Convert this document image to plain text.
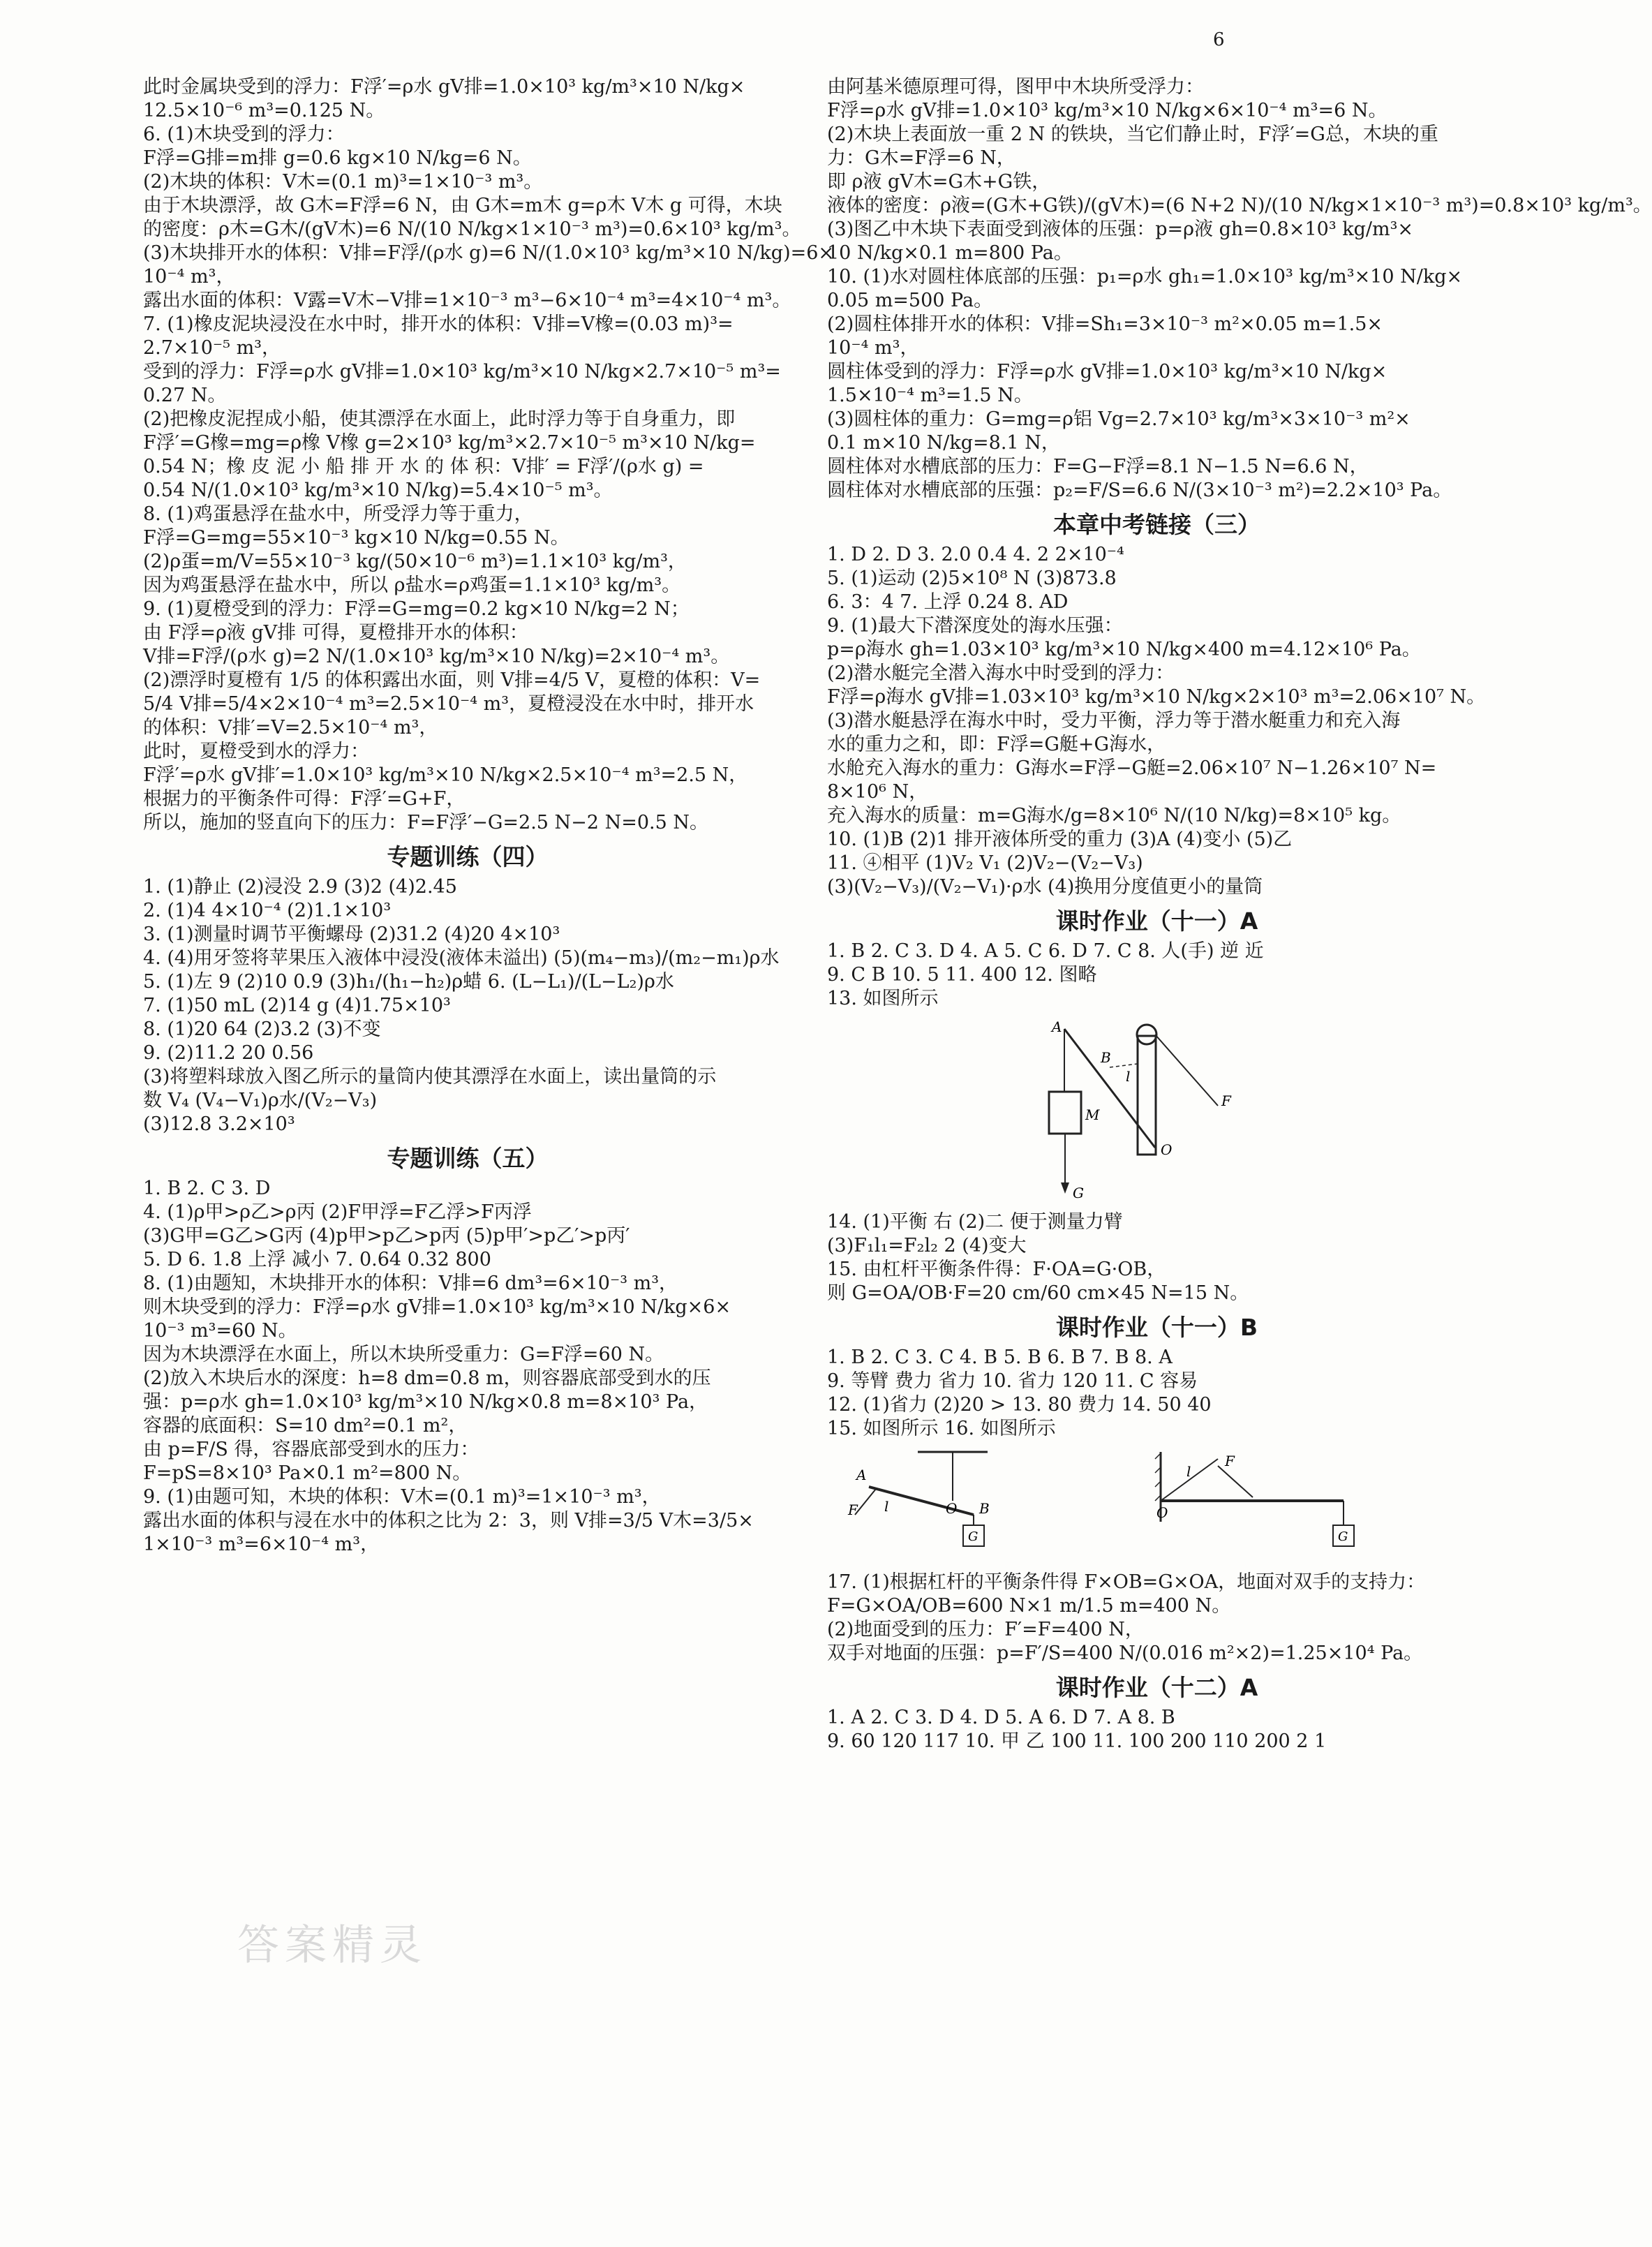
6
此时金属块受到的浮力：F浮′=ρ水 gV排=1.0×10³ kg/m³×10 N/kg×
12.5×10⁻⁶ m³=0.125 N。
6. (1)木块受到的浮力：
F浮=G排=m排 g=0.6 kg×10 N/kg=6 N。
(2)木块的体积：V木=(0.1 m)³=1×10⁻³ m³。
由于木块漂浮，故 G木=F浮=6 N，由 G木=m木 g=ρ木 V木 g 可得，木块
的密度：ρ木=G木/(gV木)=6 N/(10 N/kg×1×10⁻³ m³)=0.6×10³ kg/m³。
(3)木块排开水的体积：V排=F浮/(ρ水 g)=6 N/(1.0×10³ kg/m³×10 N/kg)=6×
10⁻⁴ m³，
露出水面的体积：V露=V木−V排=1×10⁻³ m³−6×10⁻⁴ m³=4×10⁻⁴ m³。
7. (1)橡皮泥块浸没在水中时，排开水的体积：V排=V橡=(0.03 m)³=
2.7×10⁻⁵ m³，
受到的浮力：F浮=ρ水 gV排=1.0×10³ kg/m³×10 N/kg×2.7×10⁻⁵ m³=
0.27 N。
(2)把橡皮泥捏成小船，使其漂浮在水面上，此时浮力等于自身重力，即
F浮′=G橡=mg=ρ橡 V橡 g=2×10³ kg/m³×2.7×10⁻⁵ m³×10 N/kg=
0.54 N；橡 皮 泥 小 船 排 开 水 的 体 积：V排′ = F浮′/(ρ水 g) =
0.54 N/(1.0×10³ kg/m³×10 N/kg)=5.4×10⁻⁵ m³。
8. (1)鸡蛋悬浮在盐水中，所受浮力等于重力，
F浮=G=mg=55×10⁻³ kg×10 N/kg=0.55 N。
(2)ρ蛋=m/V=55×10⁻³ kg/(50×10⁻⁶ m³)=1.1×10³ kg/m³，
因为鸡蛋悬浮在盐水中，所以 ρ盐水=ρ鸡蛋=1.1×10³ kg/m³。
9. (1)夏橙受到的浮力：F浮=G=mg=0.2 kg×10 N/kg=2 N；
由 F浮=ρ液 gV排 可得，夏橙排开水的体积：
V排=F浮/(ρ水 g)=2 N/(1.0×10³ kg/m³×10 N/kg)=2×10⁻⁴ m³。
(2)漂浮时夏橙有 1/5 的体积露出水面，则 V排=4/5 V，夏橙的体积：V=
5/4 V排=5/4×2×10⁻⁴ m³=2.5×10⁻⁴ m³，夏橙浸没在水中时，排开水
的体积：V排′=V=2.5×10⁻⁴ m³，
此时，夏橙受到水的浮力：
F浮′=ρ水 gV排′=1.0×10³ kg/m³×10 N/kg×2.5×10⁻⁴ m³=2.5 N，
根据力的平衡条件可得：F浮′=G+F，
所以，施加的竖直向下的压力：F=F浮′−G=2.5 N−2 N=0.5 N。
专题训练（四）
1. (1)静止 (2)浸没 2.9 (3)2 (4)2.45
2. (1)4 4×10⁻⁴ (2)1.1×10³
3. (1)测量时调节平衡螺母 (2)31.2 (4)20 4×10³
4. (4)用牙签将苹果压入液体中浸没(液体未溢出) (5)(m₄−m₃)/(m₂−m₁)ρ水
5. (1)左 9 (2)10 0.9 (3)h₁/(h₁−h₂)ρ蜡 6. (L−L₁)/(L−L₂)ρ水
7. (1)50 mL (2)14 g (4)1.75×10³
8. (1)20 64 (2)3.2 (3)不变
9. (2)11.2 20 0.56
(3)将塑料球放入图乙所示的量筒内使其漂浮在水面上，读出量筒的示
数 V₄ (V₄−V₁)ρ水/(V₂−V₃)
(3)12.8 3.2×10³
专题训练（五）
1. B 2. C 3. D
4. (1)ρ甲>ρ乙>ρ丙 (2)F甲浮=F乙浮>F丙浮
(3)G甲=G乙>G丙 (4)p甲>p乙>p丙 (5)p甲′>p乙′>p丙′
5. D 6. 1.8 上浮 减小 7. 0.64 0.32 800
8. (1)由题知，木块排开水的体积：V排=6 dm³=6×10⁻³ m³，
则木块受到的浮力：F浮=ρ水 gV排=1.0×10³ kg/m³×10 N/kg×6×
10⁻³ m³=60 N。
因为木块漂浮在水面上，所以木块所受重力：G=F浮=60 N。
(2)放入木块后水的深度：h=8 dm=0.8 m，则容器底部受到水的压
强：p=ρ水 gh=1.0×10³ kg/m³×10 N/kg×0.8 m=8×10³ Pa，
容器的底面积：S=10 dm²=0.1 m²，
由 p=F/S 得，容器底部受到水的压力：
F=pS=8×10³ Pa×0.1 m²=800 N。
9. (1)由题可知，木块的体积：V木=(0.1 m)³=1×10⁻³ m³，
露出水面的体积与浸在水中的体积之比为 2：3，则 V排=3/5 V木=3/5×
1×10⁻³ m³=6×10⁻⁴ m³，
由阿基米德原理可得，图甲中木块所受浮力：
F浮=ρ水 gV排=1.0×10³ kg/m³×10 N/kg×6×10⁻⁴ m³=6 N。
(2)木块上表面放一重 2 N 的铁块，当它们静止时，F浮′=G总，木块的重
力：G木=F浮=6 N，
即 ρ液 gV木=G木+G铁，
液体的密度：ρ液=(G木+G铁)/(gV木)=(6 N+2 N)/(10 N/kg×1×10⁻³ m³)=0.8×10³ kg/m³。
(3)图乙中木块下表面受到液体的压强：p=ρ液 gh=0.8×10³ kg/m³×
10 N/kg×0.1 m=800 Pa。
10. (1)水对圆柱体底部的压强：p₁=ρ水 gh₁=1.0×10³ kg/m³×10 N/kg×
0.05 m=500 Pa。
(2)圆柱体排开水的体积：V排=Sh₁=3×10⁻³ m²×0.05 m=1.5×
10⁻⁴ m³，
圆柱体受到的浮力：F浮=ρ水 gV排=1.0×10³ kg/m³×10 N/kg×
1.5×10⁻⁴ m³=1.5 N。
(3)圆柱体的重力：G=mg=ρ铝 Vg=2.7×10³ kg/m³×3×10⁻³ m²×
0.1 m×10 N/kg=8.1 N，
圆柱体对水槽底部的压力：F=G−F浮=8.1 N−1.5 N=6.6 N，
圆柱体对水槽底部的压强：p₂=F/S=6.6 N/(3×10⁻³ m²)=2.2×10³ Pa。
本章中考链接（三）
1. D 2. D 3. 2.0 0.4 4. 2 2×10⁻⁴
5. (1)运动 (2)5×10⁸ N (3)873.8
6. 3：4 7. 上浮 0.24 8. AD
9. (1)最大下潜深度处的海水压强：
p=ρ海水 gh=1.03×10³ kg/m³×10 N/kg×400 m=4.12×10⁶ Pa。
(2)潜水艇完全潜入海水中时受到的浮力：
F浮=ρ海水 gV排=1.03×10³ kg/m³×10 N/kg×2×10³ m³=2.06×10⁷ N。
(3)潜水艇悬浮在海水中时，受力平衡，浮力等于潜水艇重力和充入海
水的重力之和，即：F浮=G艇+G海水，
水舱充入海水的重力：G海水=F浮−G艇=2.06×10⁷ N−1.26×10⁷ N=
8×10⁶ N，
充入海水的质量：m=G海水/g=8×10⁶ N/(10 N/kg)=8×10⁵ kg。
10. (1)B (2)1 排开液体所受的重力 (3)A (4)变小 (5)乙
11. ④相平 (1)V₂ V₁ (2)V₂−(V₂−V₃)
(3)(V₂−V₃)/(V₂−V₁)·ρ水 (4)换用分度值更小的量筒
课时作业（十一）A
1. B 2. C 3. D 4. A 5. C 6. D 7. C 8. 人(手) 逆 近
9. C B 10. 5 11. 400 12. 图略
13. 如图所示
A
B
l
M
G
O
F
14. (1)平衡 右 (2)二 便于测量力臂
(3)F₁l₁=F₂l₂ 2 (4)变大
15. 由杠杆平衡条件得：F·OA=G·OB，
则 G=OA/OB·F=20 cm/60 cm×45 N=15 N。
课时作业（十一）B
1. B 2. C 3. C 4. B 5. B 6. B 7. B 8. A
9. 等臂 费力 省力 10. 省力 120 11. C 容易
12. (1)省力 (2)20 > 13. 80 费力 14. 50 40
15. 如图所示 16. 如图所示
A
F l	O B
G
l
F
O
G
17. (1)根据杠杆的平衡条件得 F×OB=G×OA，地面对双手的支持力：
F=G×OA/OB=600 N×1 m/1.5 m=400 N。
(2)地面受到的压力：F′=F=400 N，
双手对地面的压强：p=F′/S=400 N/(0.016 m²×2)=1.25×10⁴ Pa。
课时作业（十二）A
1. A 2. C 3. D 4. D 5. A 6. D 7. A 8. B
9. 60 120 117 10. 甲 乙 100 11. 100 200 110 200 2 1
答案精灵
